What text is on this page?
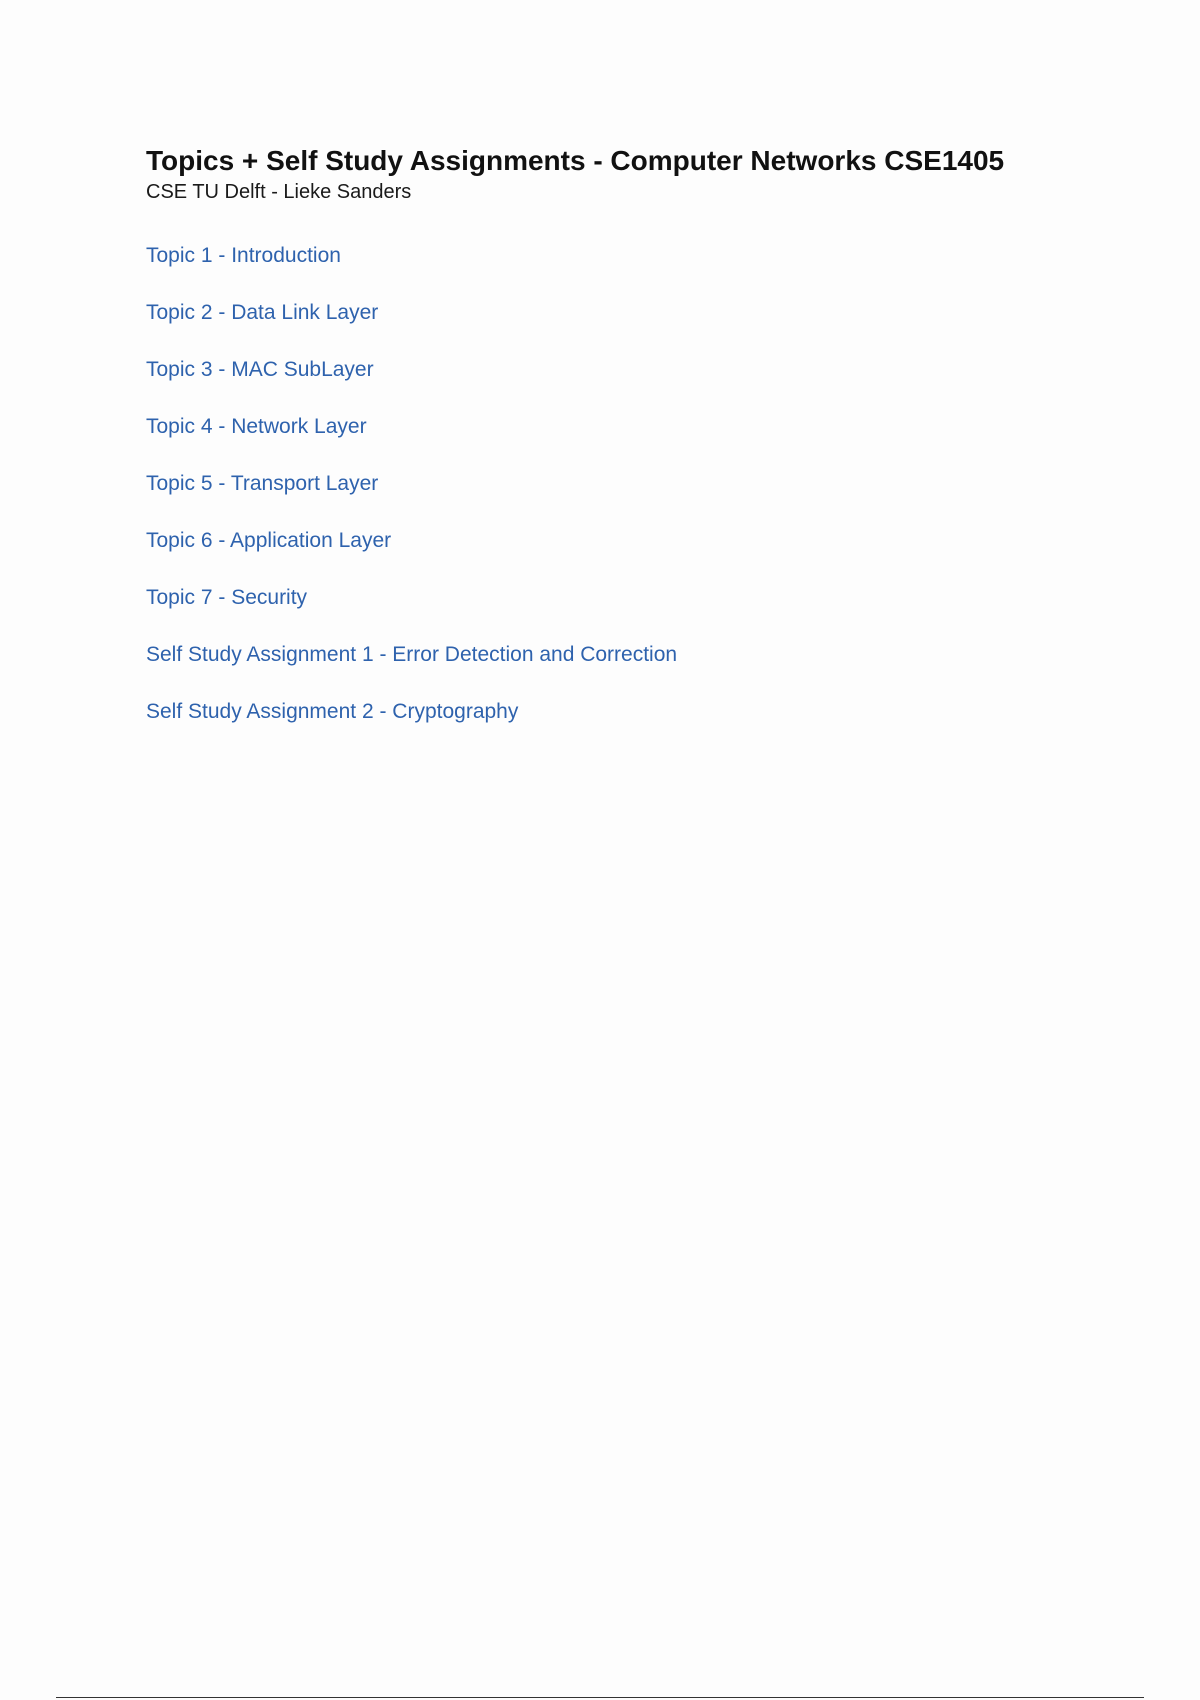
Topics + Self Study Assignments - Computer Networks CSE1405

CSE TU Delft - Lieke Sanders

Topic 1 - Introduction
Topic 2 - Data Link Layer
Topic 3 - MAC SubLayer
Topic 4 - Network Layer
Topic 5 - Transport Layer
Topic 6 - Application Layer
Topic 7 - Security
Self Study Assignment 1 - Error Detection and Correction
Self Study Assignment 2 - Cryptography
